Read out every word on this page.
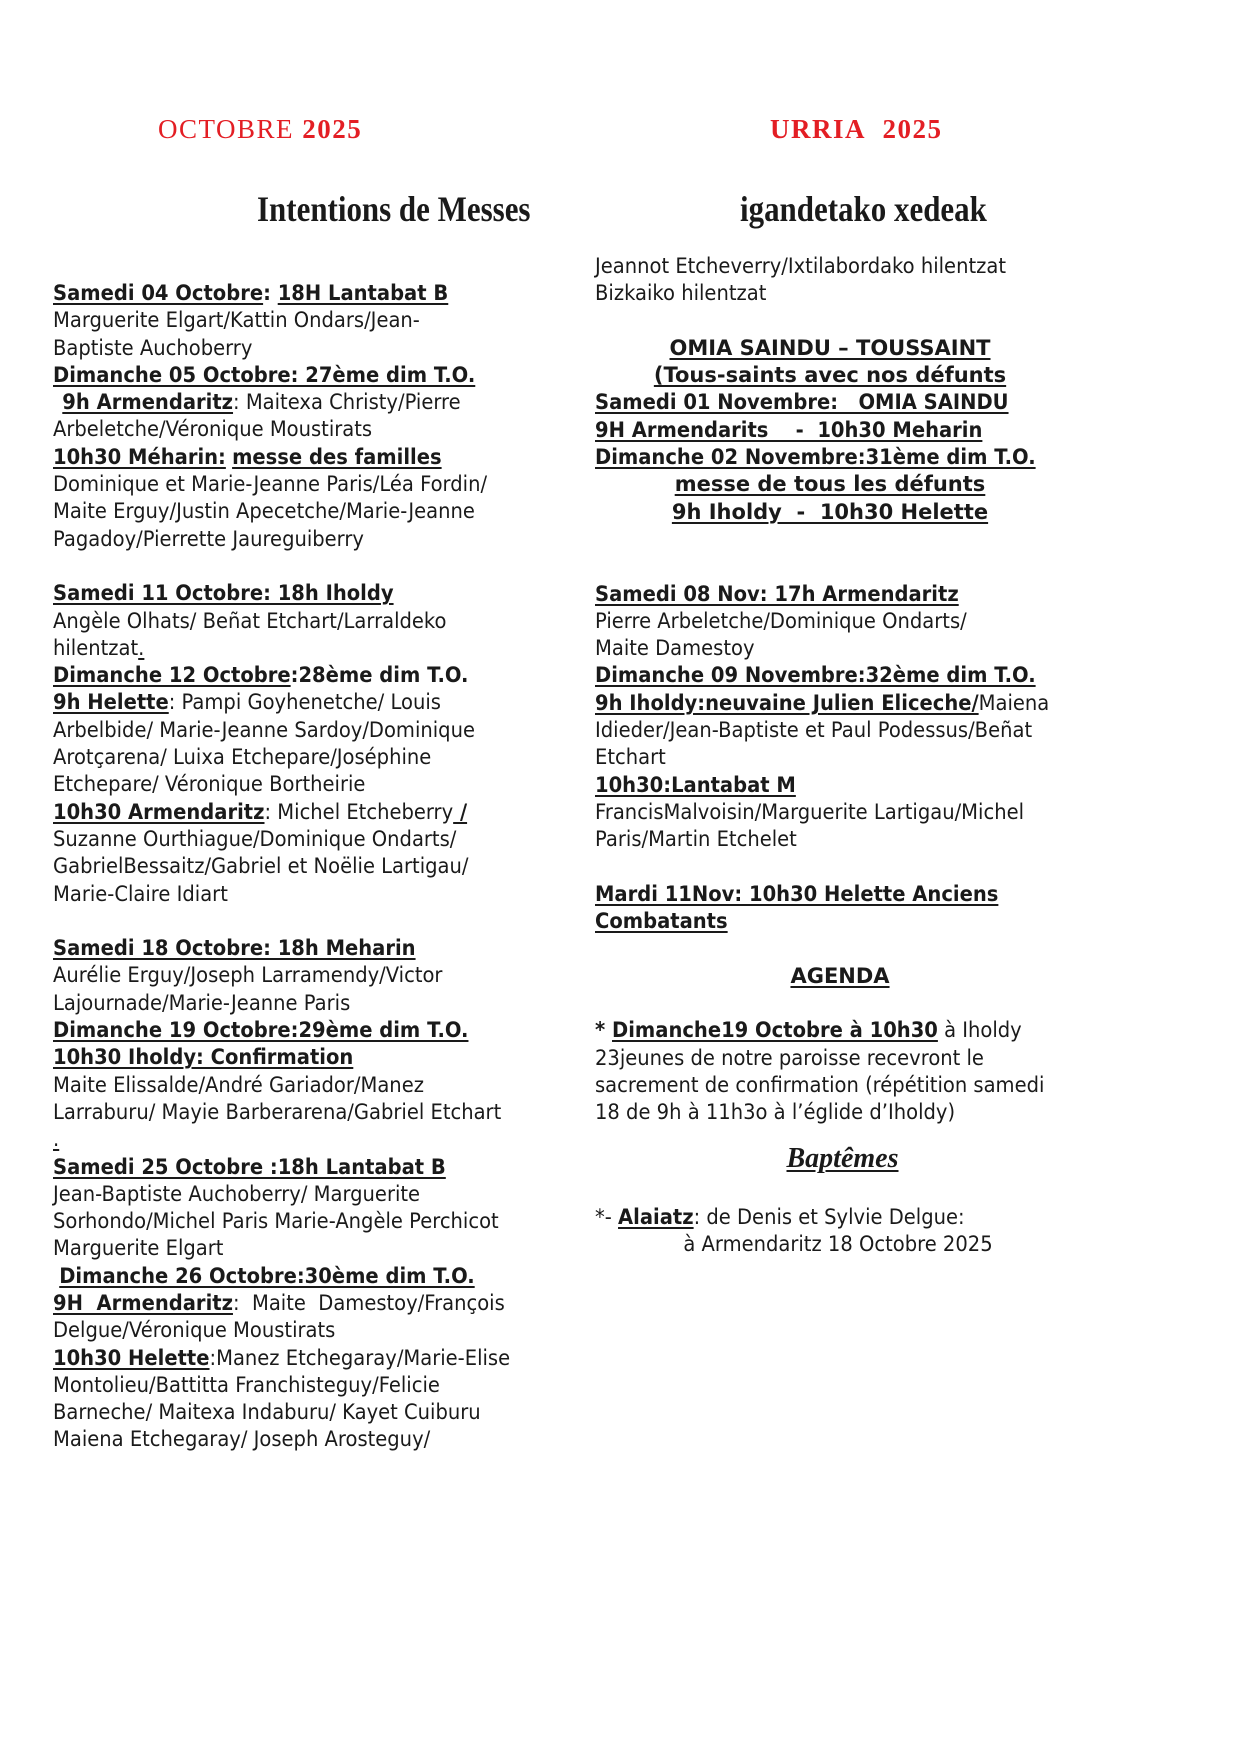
OCTOBRE 2025	URRIA 2025
Intentions de Messes	igandetako xedeak
Samedi 04 Octobre: 18H Lantabat B
Marguerite Elgart/Kattin Ondars/Jean-
Baptiste Auchoberry
Dimanche 05 Octobre: 27ème dim T.O.
9h Armendaritz: Maitexa Christy/Pierre
Arbeletche/Véronique Moustirats
10h30 Méharin: messe des familles
Dominique et Marie-Jeanne Paris/Léa Fordin/
Maite Erguy/Justin Apecetche/Marie-Jeanne
Pagadoy/Pierrette Jaureguiberry
Samedi 11 Octobre: 18h Iholdy
Angèle Olhats/ Beñat Etchart/Larraldeko
hilentzat.
Dimanche 12 Octobre:28ème dim T.O.
9h Helette: Pampi Goyhenetche/ Louis
Arbelbide/ Marie-Jeanne Sardoy/Dominique
Arotçarena/ Luixa Etchepare/Joséphine
Etchepare/ Véronique Bortheirie
10h30 Armendaritz: Michel Etcheberry /
Suzanne Ourthiague/Dominique Ondarts/
GabrielBessaitz/Gabriel et Noëlie Lartigau/
Marie-Claire Idiart
Samedi 18 Octobre: 18h Meharin
Aurélie Erguy/Joseph Larramendy/Victor
Lajournade/Marie-Jeanne Paris
Dimanche 19 Octobre:29ème dim T.O.
10h30 Iholdy: Confirmation
Maite Elissalde/André Gariador/Manez
Larraburu/ Mayie Barberarena/Gabriel Etchart
.
Samedi 25 Octobre :18h Lantabat B
Jean-Baptiste Auchoberry/ Marguerite
Sorhondo/Michel Paris Marie-Angèle Perchicot
Marguerite Elgart
Dimanche 26 Octobre:30ème dim T.O.
9H  Armendaritz:  Maite  Damestoy/François
Delgue/Véronique Moustirats
10h30 Helette:Manez Etchegaray/Marie-Elise
Montolieu/Battitta Franchisteguy/Felicie
Barneche/ Maitexa Indaburu/ Kayet Cuiburu
Maiena Etchegaray/ Joseph Arosteguy/
Jeannot Etcheverry/Ixtilabordako hilentzat
Bizkaiko hilentzat
OMIA SAINDU – TOUSSAINT
(Tous-saints avec nos défunts
Samedi 01 Novembre:   OMIA SAINDU
9H Armendarits    -  10h30 Meharin
Dimanche 02 Novembre:31ème dim T.O.
messe de tous les défunts
9h Iholdy  -  10h30 Helette
Samedi 08 Nov: 17h Armendaritz
Pierre Arbeletche/Dominique Ondarts/
Maite Damestoy
Dimanche 09 Novembre:32ème dim T.O.
9h Iholdy:neuvaine Julien Eliceche/Maiena
Idieder/Jean-Baptiste et Paul Podessus/Beñat
Etchart
10h30:Lantabat M
FrancisMalvoisin/Marguerite Lartigau/Michel
Paris/Martin Etchelet
Mardi 11Nov: 10h30 Helette Anciens
Combatants
AGENDA
* Dimanche19 Octobre à 10h30 à Iholdy
23jeunes de notre paroisse recevront le
sacrement de confirmation (répétition samedi
18 de 9h à 11h3o à l’églide d’Iholdy)
Baptêmes
*- Alaiatz: de Denis et Sylvie Delgue:
à Armendaritz 18 Octobre 2025
